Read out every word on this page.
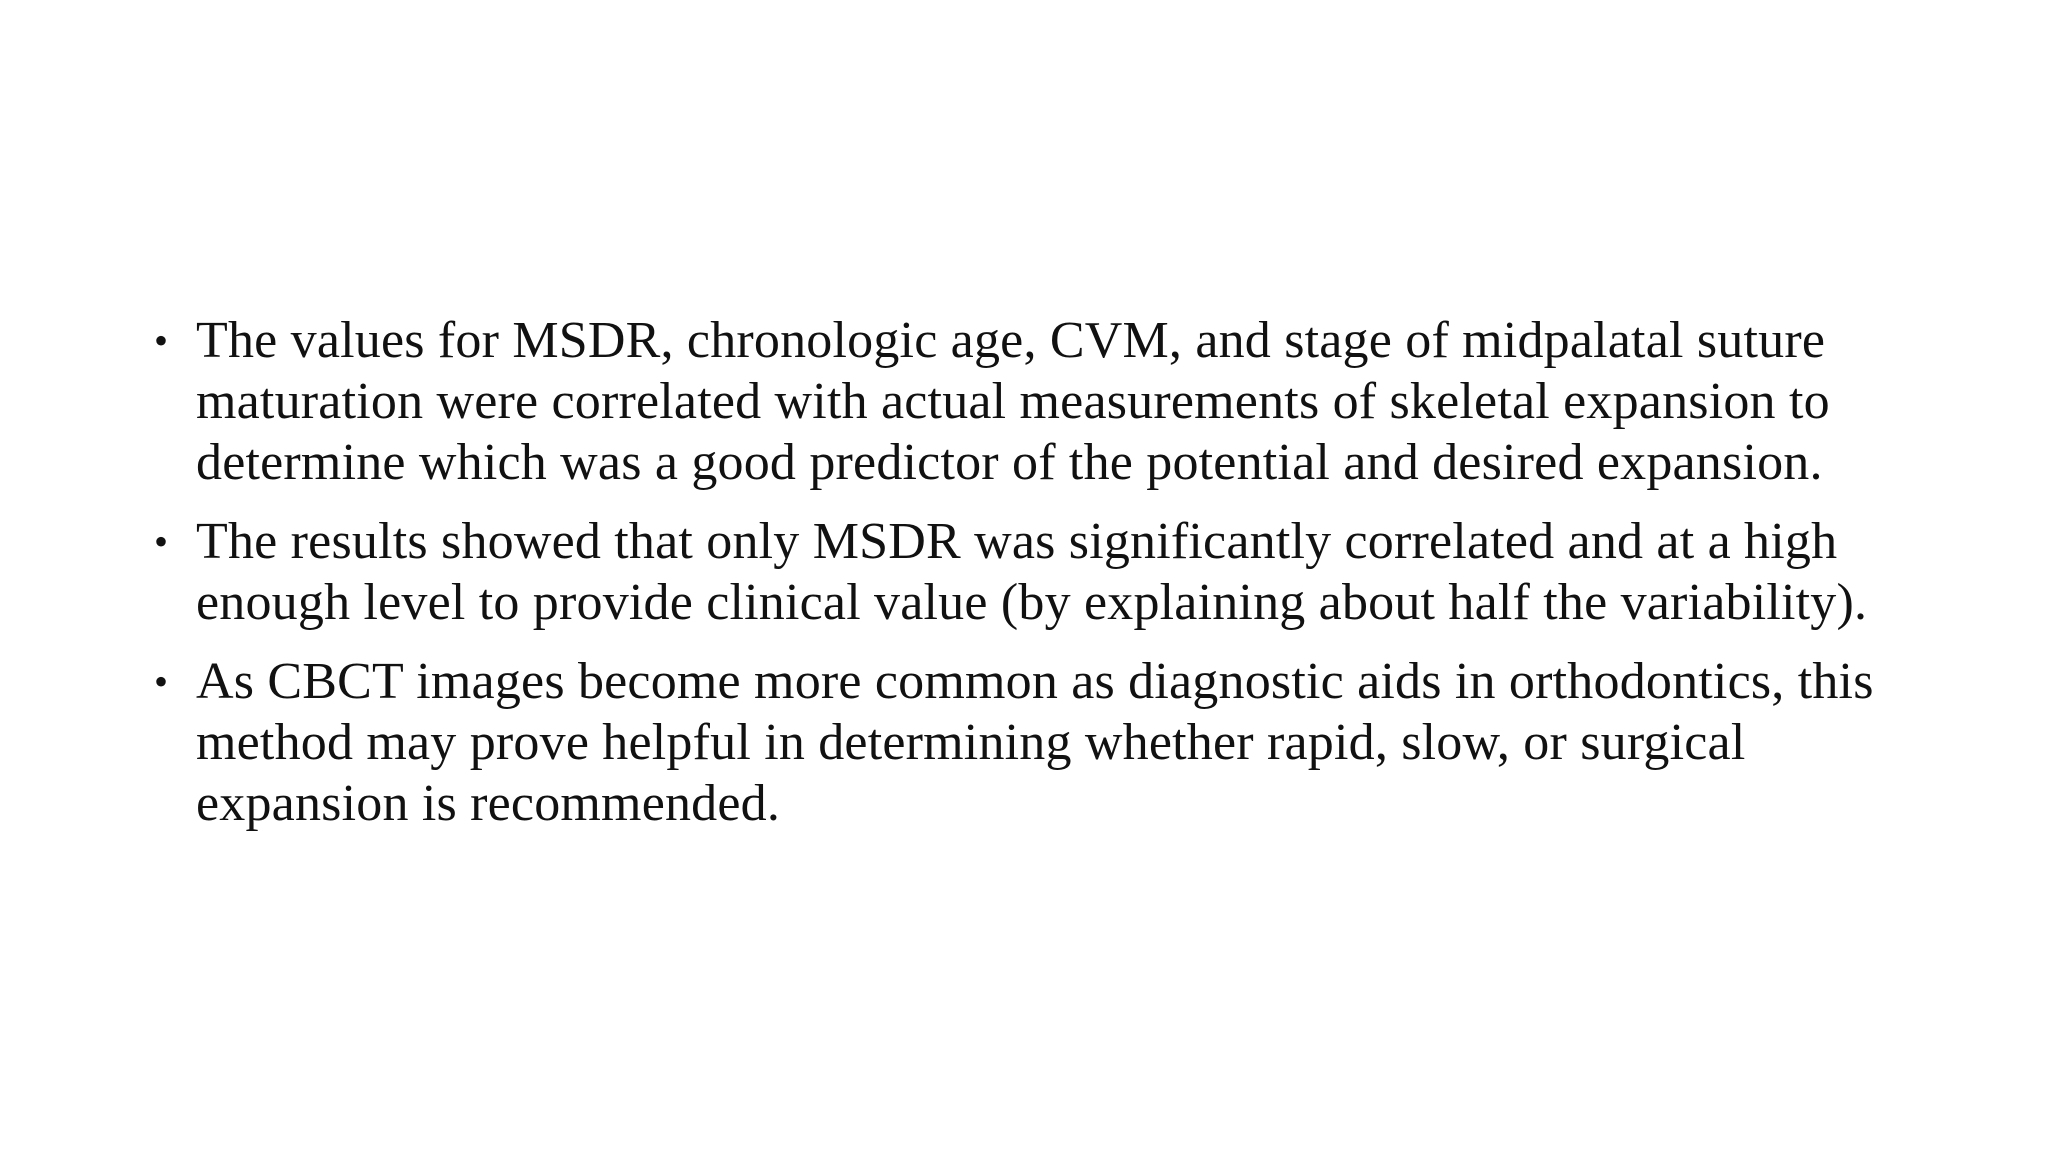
• The values for MSDR, chronologic age, CVM, and stage of midpalatal suture maturation were correlated with actual measurements of skeletal expansion to determine which was a good predictor of the potential and desired expansion.
• The results showed that only MSDR was significantly correlated and at a high enough level to provide clinical value (by explaining about half the variability).
• As CBCT images become more common as diagnostic aids in orthodontics, this method may prove helpful in determining whether rapid, slow, or surgical expansion is recommended.
